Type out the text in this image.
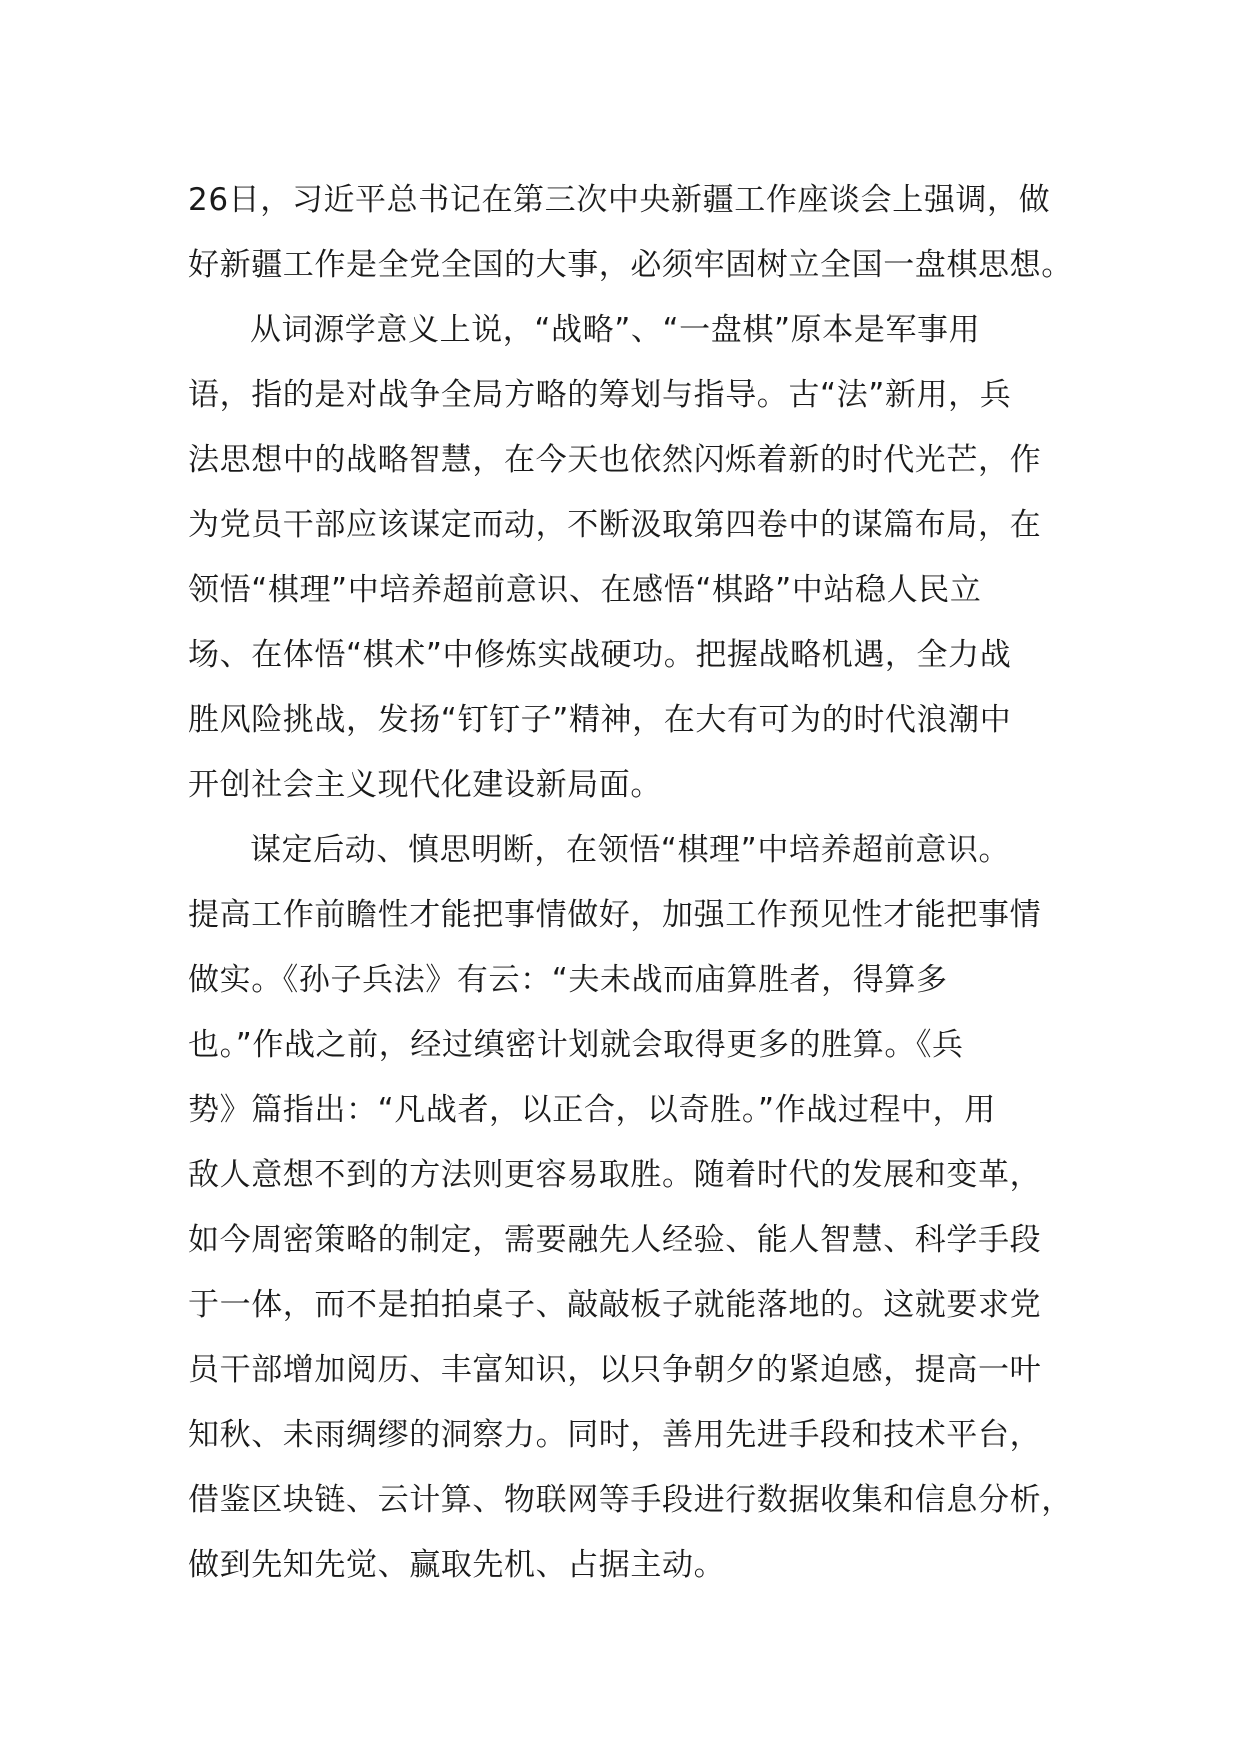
26日，习近平总书记在第三次中央新疆工作座谈会上强调，做
好新疆工作是全党全国的大事，必须牢固树立全国一盘棋思想。

从词源学意义上说，“战略”、“一盘棋”原本是军事用
语，指的是对战争全局方略的筹划与指导。古“法”新用，兵
法思想中的战略智慧，在今天也依然闪烁着新的时代光芒，作
为党员干部应该谋定而动，不断汲取第四卷中的谋篇布局，在
领悟“棋理”中培养超前意识、在感悟“棋路”中站稳人民立
场、在体悟“棋术”中修炼实战硬功。把握战略机遇，全力战
胜风险挑战，发扬“钉钉子”精神，在大有可为的时代浪潮中
开创社会主义现代化建设新局面。

谋定后动、慎思明断，在领悟“棋理”中培养超前意识。
提高工作前瞻性才能把事情做好，加强工作预见性才能把事情
做实。《孙子兵法》有云：“夫未战而庙算胜者，得算多
也。”作战之前，经过缜密计划就会取得更多的胜算。《兵
势》篇指出：“凡战者，以正合，以奇胜。”作战过程中，用
敌人意想不到的方法则更容易取胜。随着时代的发展和变革，
如今周密策略的制定，需要融先人经验、能人智慧、科学手段
于一体，而不是拍拍桌子、敲敲板子就能落地的。这就要求党
员干部增加阅历、丰富知识，以只争朝夕的紧迫感，提高一叶
知秋、未雨绸缪的洞察力。同时，善用先进手段和技术平台，
借鉴区块链、云计算、物联网等手段进行数据收集和信息分析，
做到先知先觉、赢取先机、占据主动。
